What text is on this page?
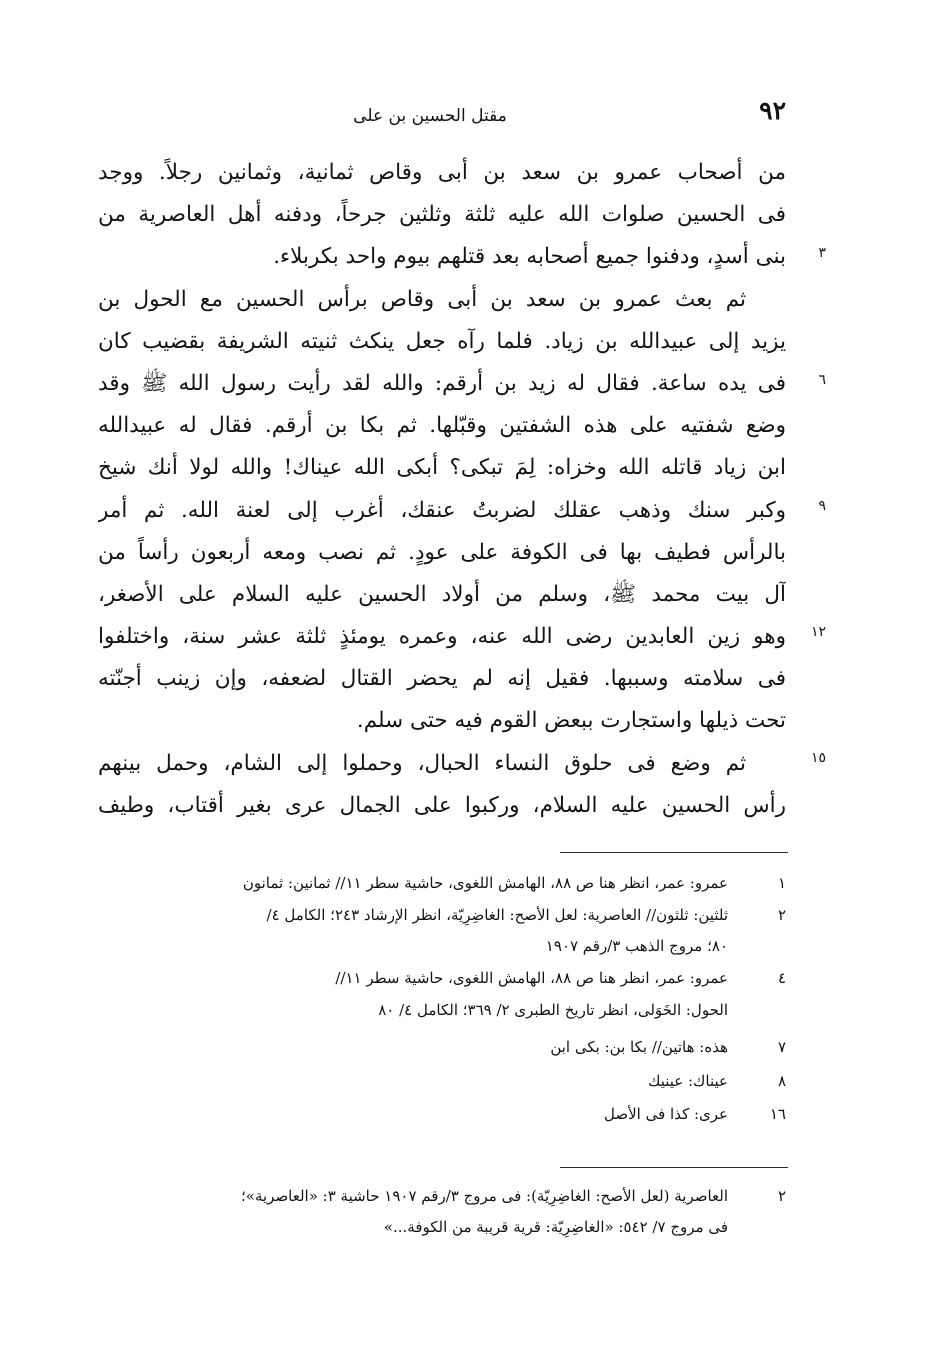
مقتل الحسين بن على	٩٢
من أصحاب عمرو بن سعد بن أبى وقاص ثمانية، وثمانين رجلاً. ووجد
فى الحسين صلوات الله عليه ثلثة وثلثين جرحاً، ودفنه أهل العاصرية من
بنى أسدٍ، ودفنوا جميع أصحابه بعد قتلهم بيوم واحد بكربلاء.
ثم بعث عمرو بن سعد بن أبى وقاص برأس الحسين مع الحول بن
يزيد إلى عبيدالله بن زياد. فلما رآه جعل ينكث ثنيته الشريفة بقضيب كان
فى يده ساعة. فقال له زيد بن أرقم: والله لقد رأيت رسول الله ﷺ وقد
وضع شفتيه على هذه الشفتين وقبّلها. ثم بكا بن أرقم. فقال له عبيدالله
ابن زياد قاتله الله وخزاه: لِمَ تبكى؟ أبكى الله عيناك! والله لولا أنك شيخ
وكبر سنك وذهب عقلك لضربتُ عنقك، أغرب إلى لعنة الله. ثم أمر
بالرأس فطيف بها فى الكوفة على عودٍ. ثم نصب ومعه أربعون رأساً من
آل بيت محمد ﷺ، وسلم من أولاد الحسين عليه السلام على الأصغر،
وهو زين العابدين رضى الله عنه، وعمره يومئذٍ ثلثة عشر سنة، واختلفوا
فى سلامته وسببها. فقيل إنه لم يحضر القتال لضعفه، وإن زينب أجنّته
تحت ذيلها واستجارت ببعض القوم فيه حتى سلم.
ثم وضع فى حلوق النساء الحبال، وحملوا إلى الشام، وحمل بينهم
رأس الحسين عليه السلام، وركبوا على الجمال عرى بغير أقتاب، وطيف
٣
٦
٩
١٢
١٥
١
عمرو: عمر، انظر هنا ص ٨٨، الهامش اللغوى، حاشية سطر ١١// ثمانين: ثمانون
٢
ثلثين: ثلثون// العاصرية: لعل الأصح: الغاضِرِيّة، انظر الإرشاد ٢٤٣؛ الكامل ٤/
٨٠؛ مروج الذهب ٣/رقم ١٩٠٧
٤
عمرو: عمر، انظر هنا ص ٨٨، الهامش اللغوى، حاشية سطر ١١//
الحول: الخَوَلى، انظر تاريخ الطبرى ٢/ ٣٦٩؛ الكامل ٤/ ٨٠
٧
هذه: هاتين// بكا بن: بكى ابن
٨
عيناك: عينيك
١٦
عرى: كذا فى الأصل
٢
العاصرية (لعل الأصح: الغاضِرِيّة): فى مروج ٣/رقم ١٩٠٧ حاشية ٣: «العاصرية»؛
فى مروج ٧/ ٥٤٢: «الغاضِرِيّة: قرية قريبة من الكوفة...»
